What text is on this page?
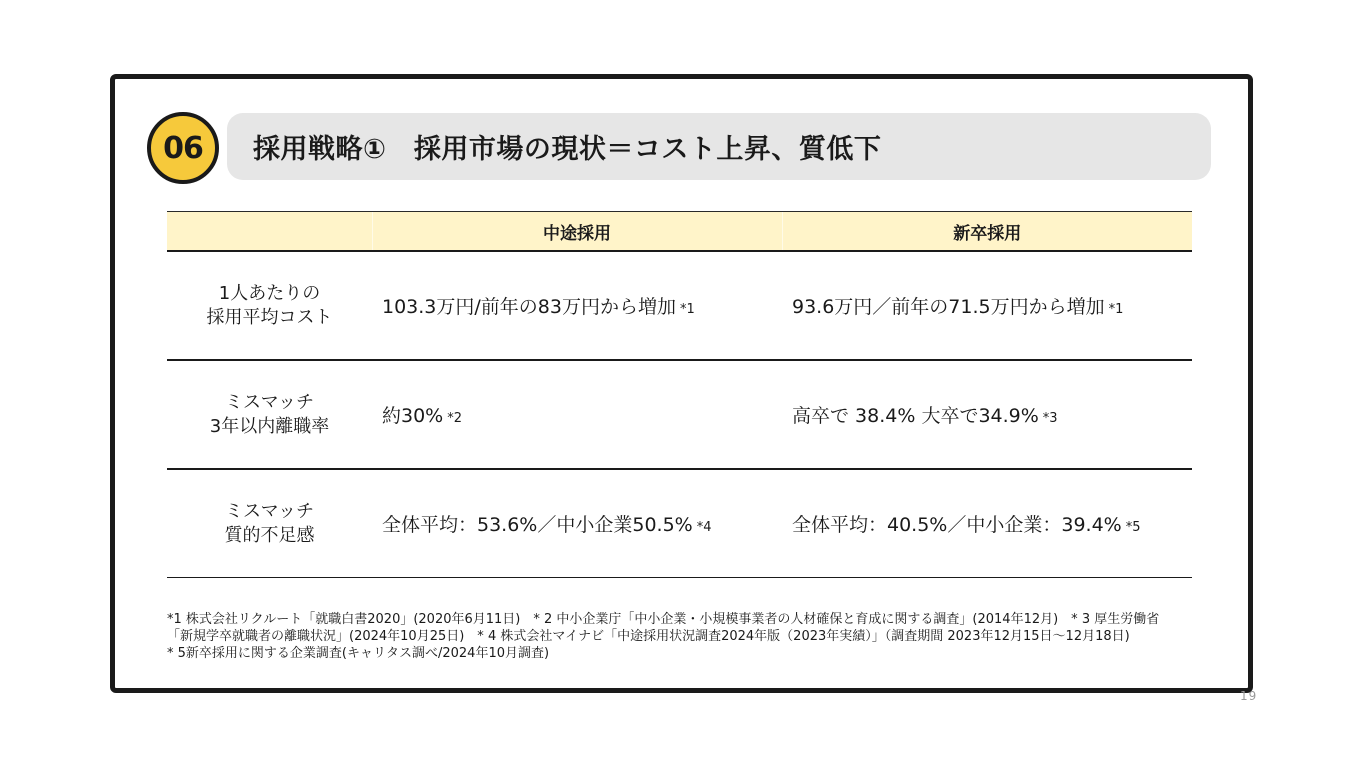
06 採用戦略①　採用市場の現状＝コスト上昇、質低下
	中途採用	新卒採用

1人あたりの
採用平均コスト	103.3万円/前年の83万円から増加 *1	93.6万円／前年の71.5万円から増加 *1

ミスマッチ
3年以内離職率	約30% *2	高卒で 38.4% 大卒で34.9% *3

ミスマッチ
質的不足感	全体平均：53.6%／中小企業50.5% *4	全体平均：40.5%／中小企業：39.4% *5
*1 株式会社リクルート「就職白書2020」(2020年6月11日)　* 2 中小企業庁「中小企業・小規模事業者の人材確保と育成に関する調査」(2014年12月)　* 3 厚生労働省
「新規学卒就職者の離職状況」(2024年10月25日)　* 4 株式会社マイナビ「中途採用状況調査2024年版（2023年実績）」（調査期間 2023年12月15日〜12月18日)
* 5新卒採用に関する企業調査(キャリタス調べ/2024年10月調査)
19
